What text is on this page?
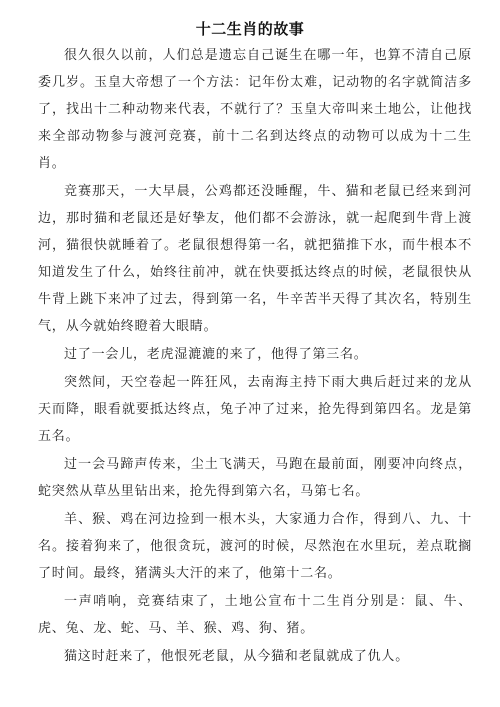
十二生肖的故事

很久很久以前，人们总是遗忘自己诞生在哪一年，也算不清自己原委几岁。玉皇大帝想了一个方法：记年份太难，记动物的名字就简洁多了，找出十二种动物来代表，不就行了？玉皇大帝叫来土地公，让他找来全部动物参与渡河竞赛，前十二名到达终点的动物可以成为十二生肖。

竞赛那天，一大早晨，公鸡都还没睡醒，牛、猫和老鼠已经来到河边，那时猫和老鼠还是好挚友，他们都不会游泳，就一起爬到牛背上渡河，猫很快就睡着了。老鼠很想得第一名，就把猫推下水，而牛根本不知道发生了什么，始终往前冲，就在快要抵达终点的时候，老鼠很快从牛背上跳下来冲了过去，得到第一名，牛辛苦半天得了其次名，特别生气，从今就始终瞪着大眼睛。

过了一会儿，老虎湿漉漉的来了，他得了第三名。

突然间，天空卷起一阵狂风，去南海主持下雨大典后赶过来的龙从天而降，眼看就要抵达终点，兔子冲了过来，抢先得到第四名。龙是第五名。

过一会马蹄声传来，尘土飞满天，马跑在最前面，刚要冲向终点，蛇突然从草丛里钻出来，抢先得到第六名，马第七名。

羊、猴、鸡在河边捡到一根木头，大家通力合作，得到八、九、十名。接着狗来了，他很贪玩，渡河的时候，尽然泡在水里玩，差点耽搁了时间。最终，猪满头大汗的来了，他第十二名。

一声哨响，竞赛结束了，土地公宣布十二生肖分别是：鼠、牛、虎、兔、龙、蛇、马、羊、猴、鸡、狗、猪。

猫这时赶来了，他恨死老鼠，从今猫和老鼠就成了仇人。
